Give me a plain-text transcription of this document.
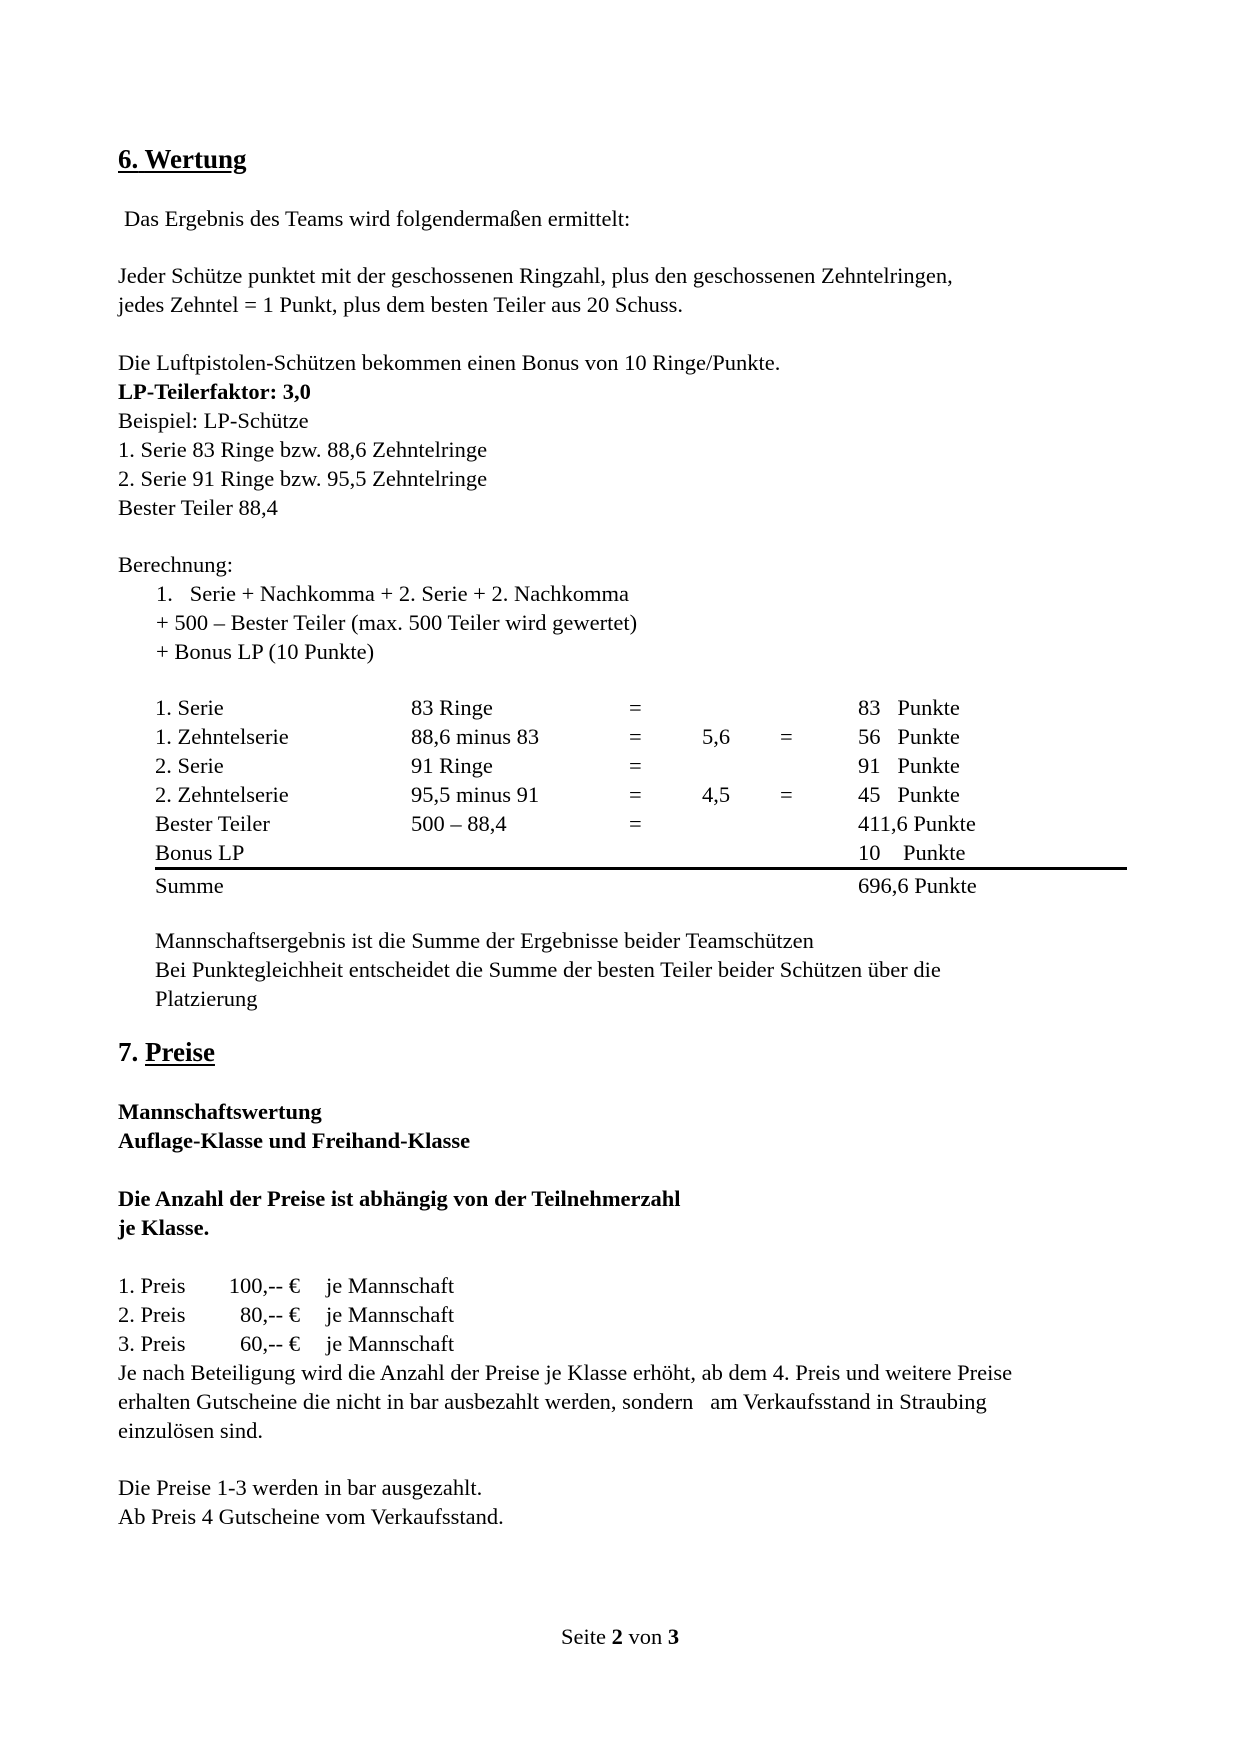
6. Wertung
Das Ergebnis des Teams wird folgendermaßen ermittelt:
Jeder Schütze punktet mit der geschossenen Ringzahl, plus den geschossenen Zehntelringen,
jedes Zehntel = 1 Punkt, plus dem besten Teiler aus 20 Schuss.
Die Luftpistolen-Schützen bekommen einen Bonus von 10 Ringe/Punkte.
LP-Teilerfaktor: 3,0
Beispiel: LP-Schütze
1. Serie 83 Ringe bzw. 88,6 Zehntelringe
2. Serie 91 Ringe bzw. 95,5 Zehntelringe
Bester Teiler 88,4
Berechnung:
1.   Serie + Nachkomma + 2. Serie + 2. Nachkomma
+ 500 – Bester Teiler (max. 500 Teiler wird gewertet)
+ Bonus LP (10 Punkte)
1. Serie	83 Ringe	=			83   Punkte
1. Zehntelserie	88,6 minus 83	=	5,6	=	56   Punkte
2. Serie	91 Ringe	=			91   Punkte
2. Zehntelserie	95,5 minus 91	=	4,5	=	45   Punkte
Bester Teiler	500 – 88,4	=			411,6 Punkte
Bonus LP					10    Punkte
Summe					696,6 Punkte
Mannschaftsergebnis ist die Summe der Ergebnisse beider Teamschützen
Bei Punktegleichheit entscheidet die Summe der besten Teiler beider Schützen über die
Platzierung
7. Preise
Mannschaftswertung
Auflage-Klasse und Freihand-Klasse
Die Anzahl der Preise ist abhängig von der Teilnehmerzahl
je Klasse.
1. Preis	100,-- €	je Mannschaft
2. Preis	80,-- €	je Mannschaft
3. Preis	60,-- €	je Mannschaft
Je nach Beteiligung wird die Anzahl der Preise je Klasse erhöht, ab dem 4. Preis und weitere Preise
erhalten Gutscheine die nicht in bar ausbezahlt werden, sondern   am Verkaufsstand in Straubing
einzulösen sind.
Die Preise 1-3 werden in bar ausgezahlt.
Ab Preis 4 Gutscheine vom Verkaufsstand.
Seite 2 von 3
